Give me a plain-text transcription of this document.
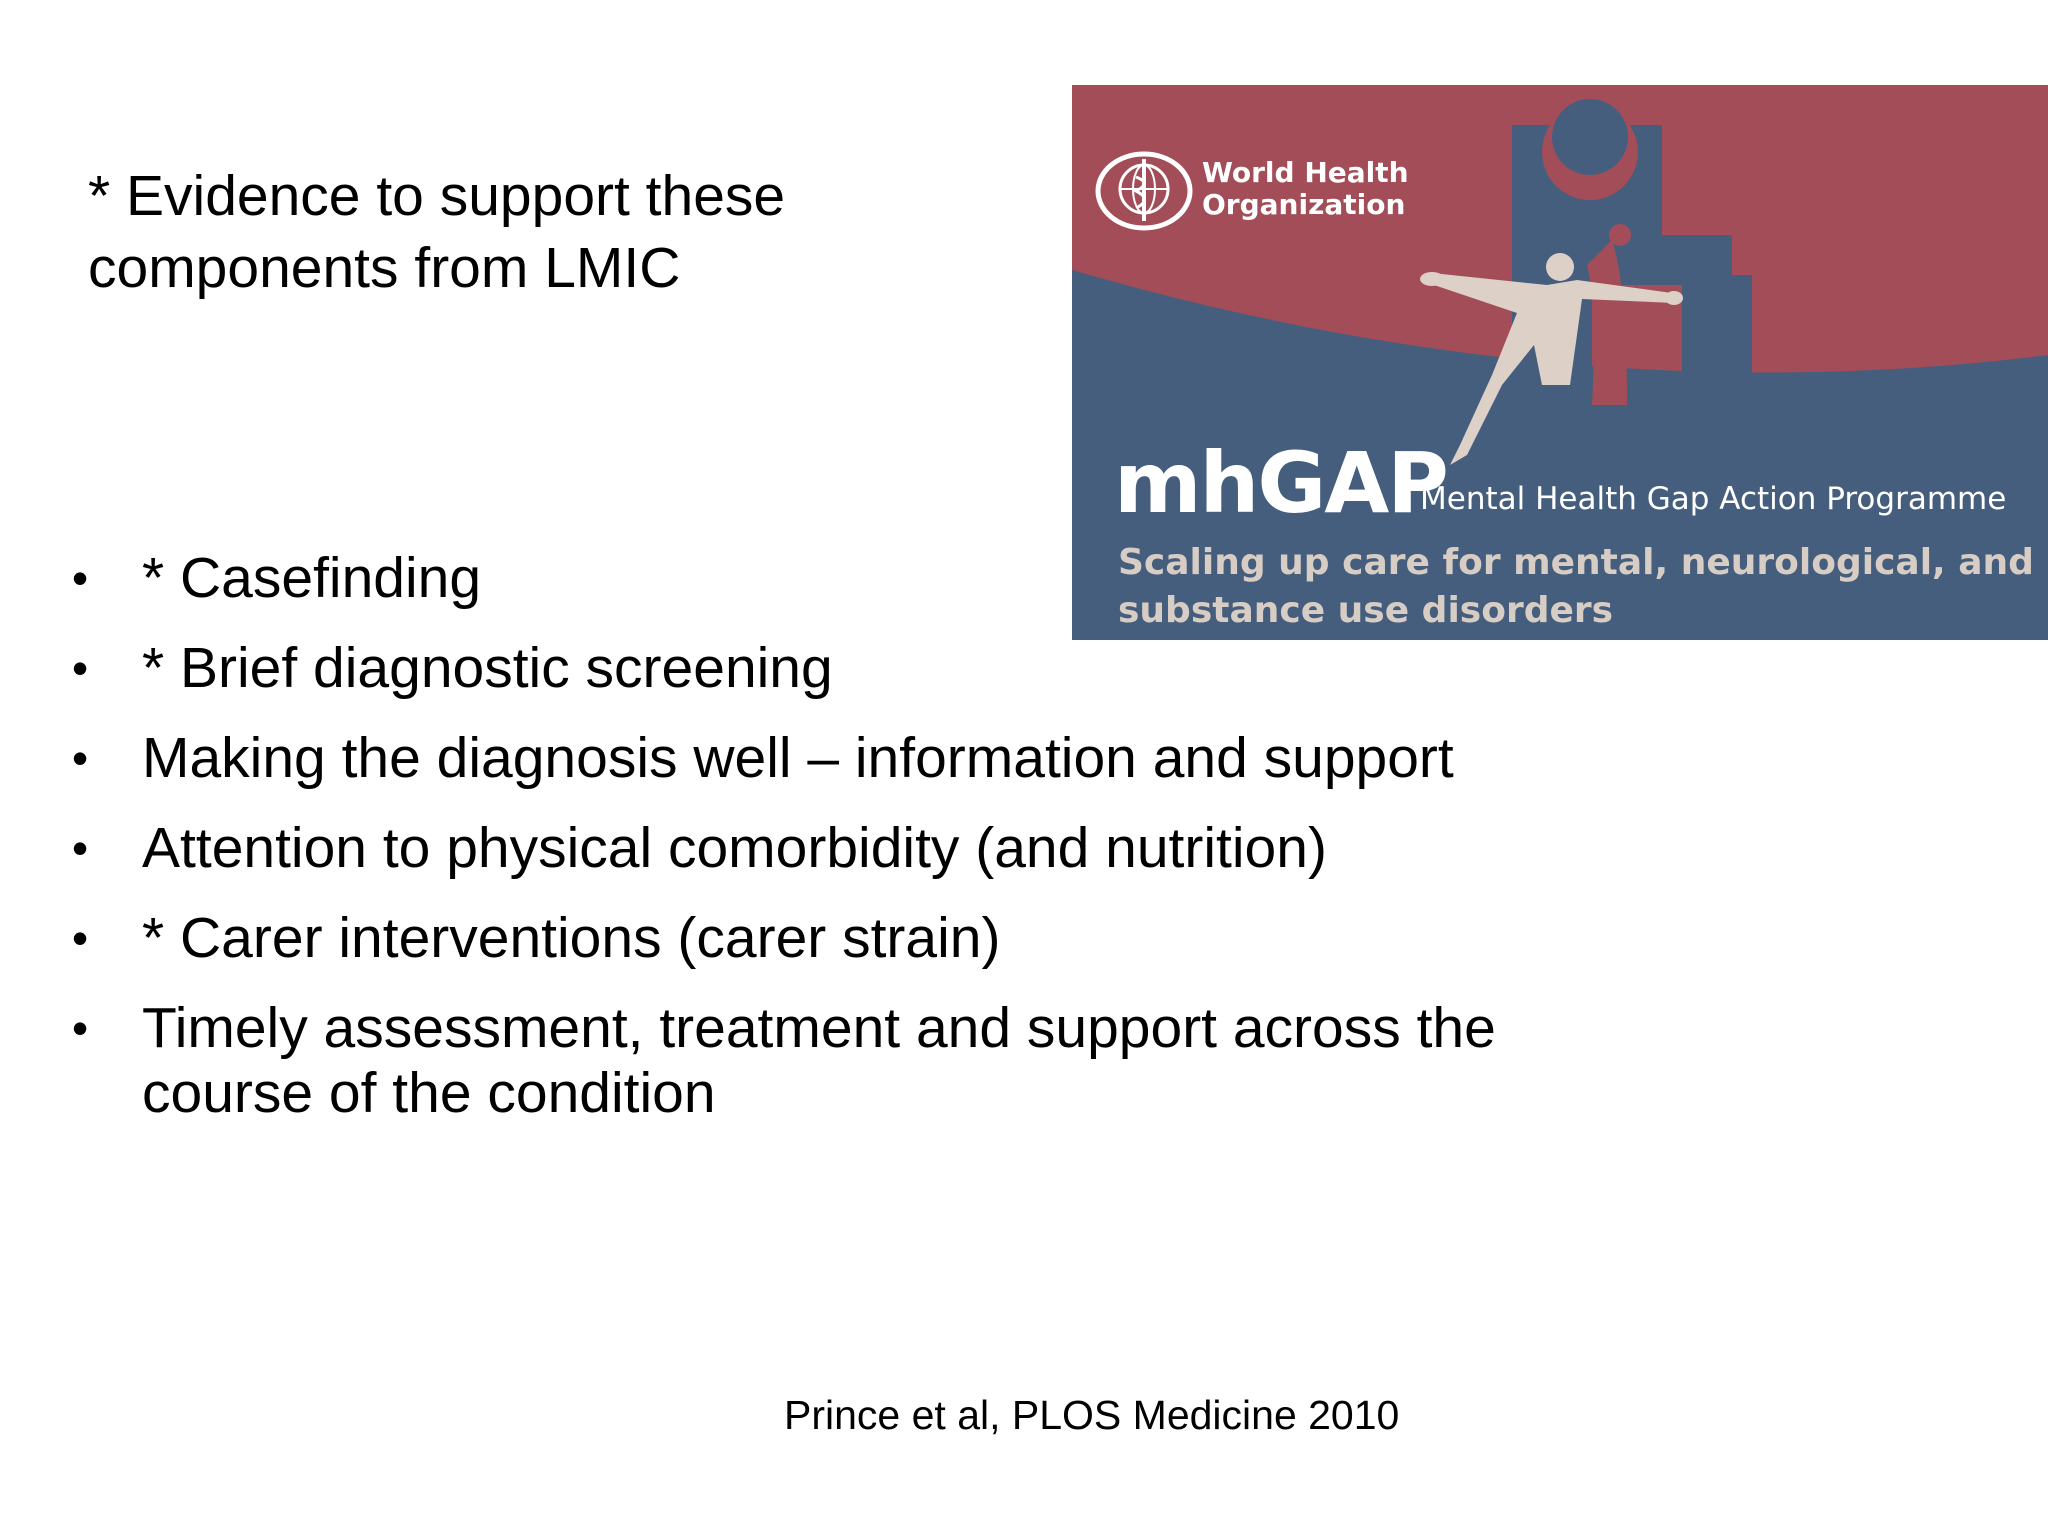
* Evidence to support these components from LMIC

World Health
Organization
mhGAP
Mental Health Gap Action Programme
Scaling up care for mental, neurological, and substance use disorders
• * Casefinding
• * Brief diagnostic screening
• Making the diagnosis well – information and support
• Attention to physical comorbidity (and nutrition)
• * Carer interventions (carer strain)
• Timely assessment, treatment and support across the course of the condition
Prince et al, PLOS Medicine 2010
